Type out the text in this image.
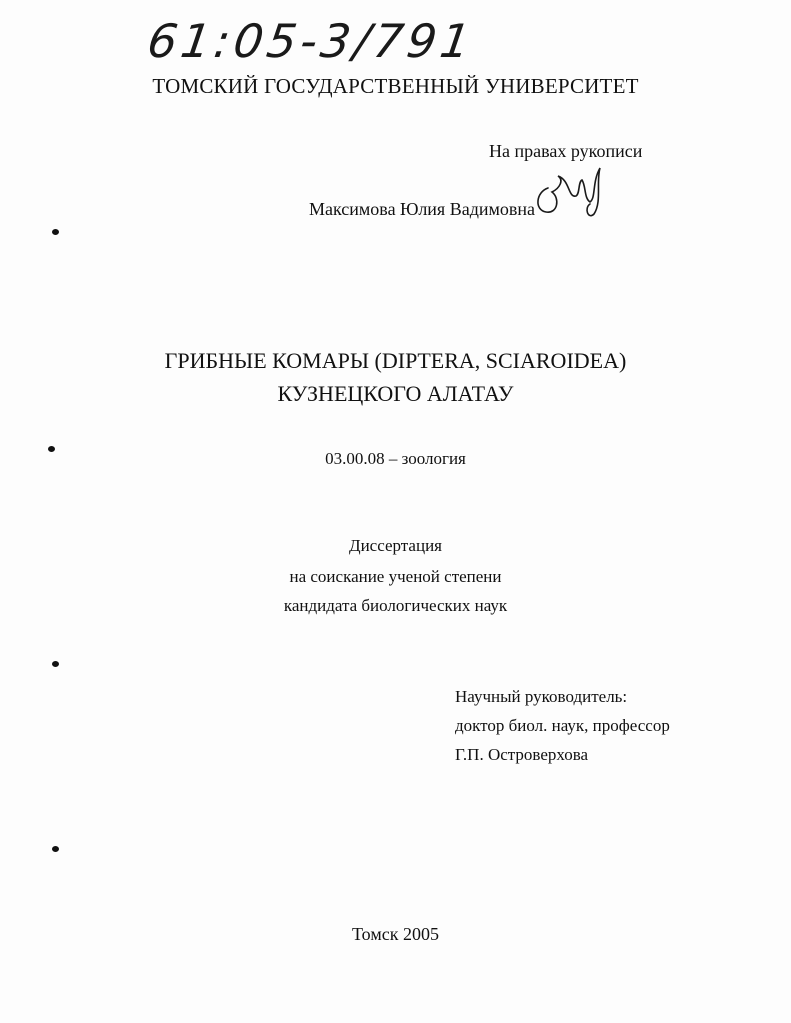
61:05-3/791
ТОМСКИЙ ГОСУДАРСТВЕННЫЙ УНИВЕРСИТЕТ
На правах рукописи
Максимова Юлия Вадимовна
ГРИБНЫЕ КОМАРЫ (DIPTERA, SCIAROIDEA)
КУЗНЕЦКОГО АЛАТАУ
03.00.08 – зоология
Диссертация
на соискание ученой степени
кандидата биологических наук
Научный руководитель:
доктор биол. наук, профессор
Г.П. Островерхова
Томск 2005
